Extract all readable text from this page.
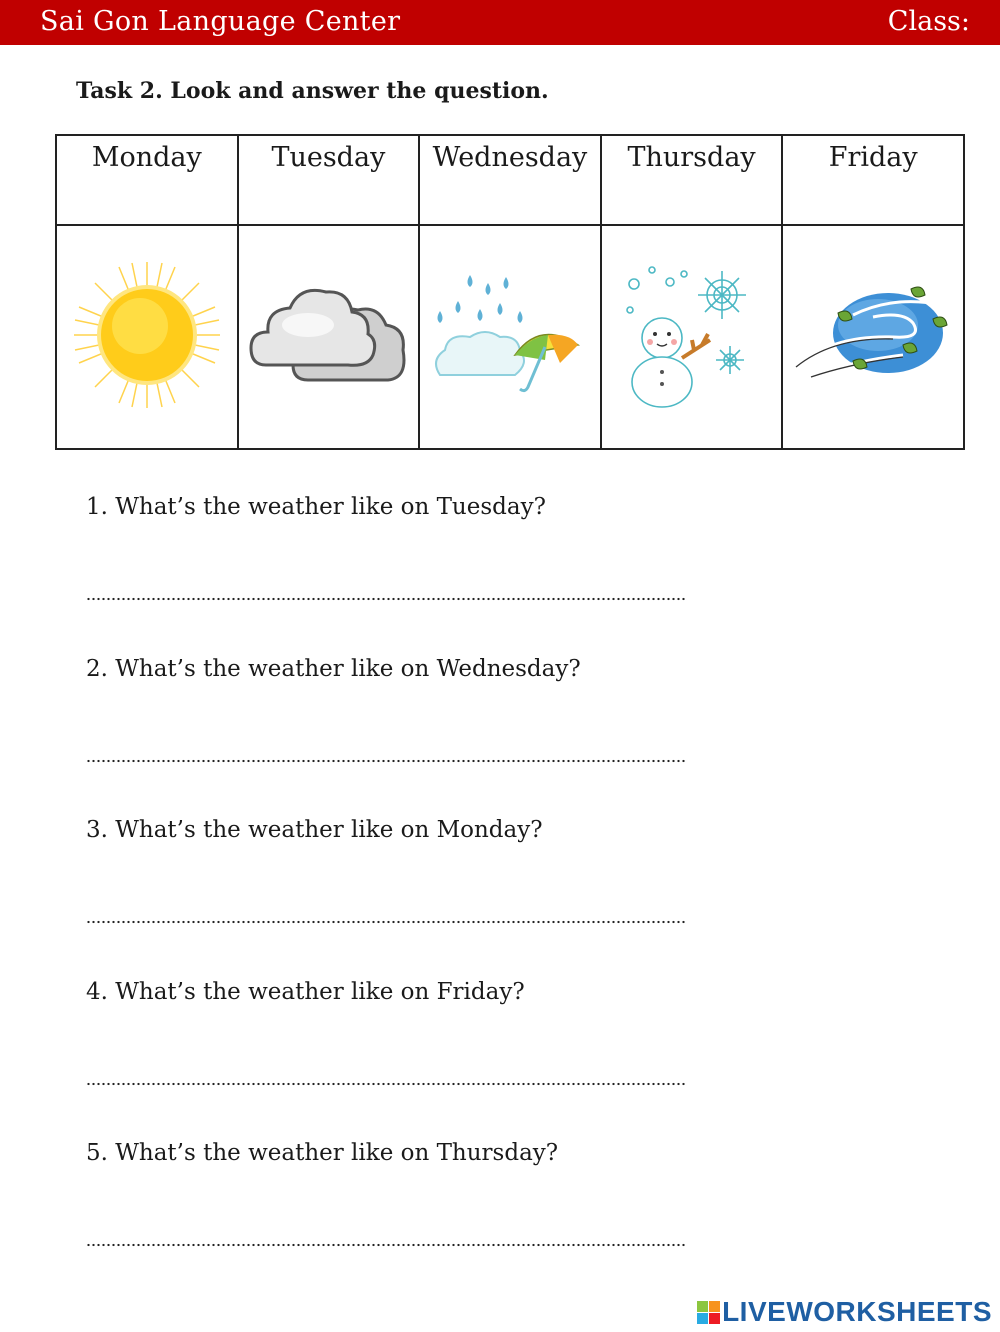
Sai Gon Language Center	Class:
Task 2. Look and answer the question.
Monday	Tuesday	Wednesday	Thursday	Friday

1. What’s the weather like on Tuesday?
2. What’s the weather like on Wednesday?
3. What’s the weather like on Monday?
4. What’s the weather like on Friday?
5. What’s the weather like on Thursday?
LIVEWORKSHEETS
